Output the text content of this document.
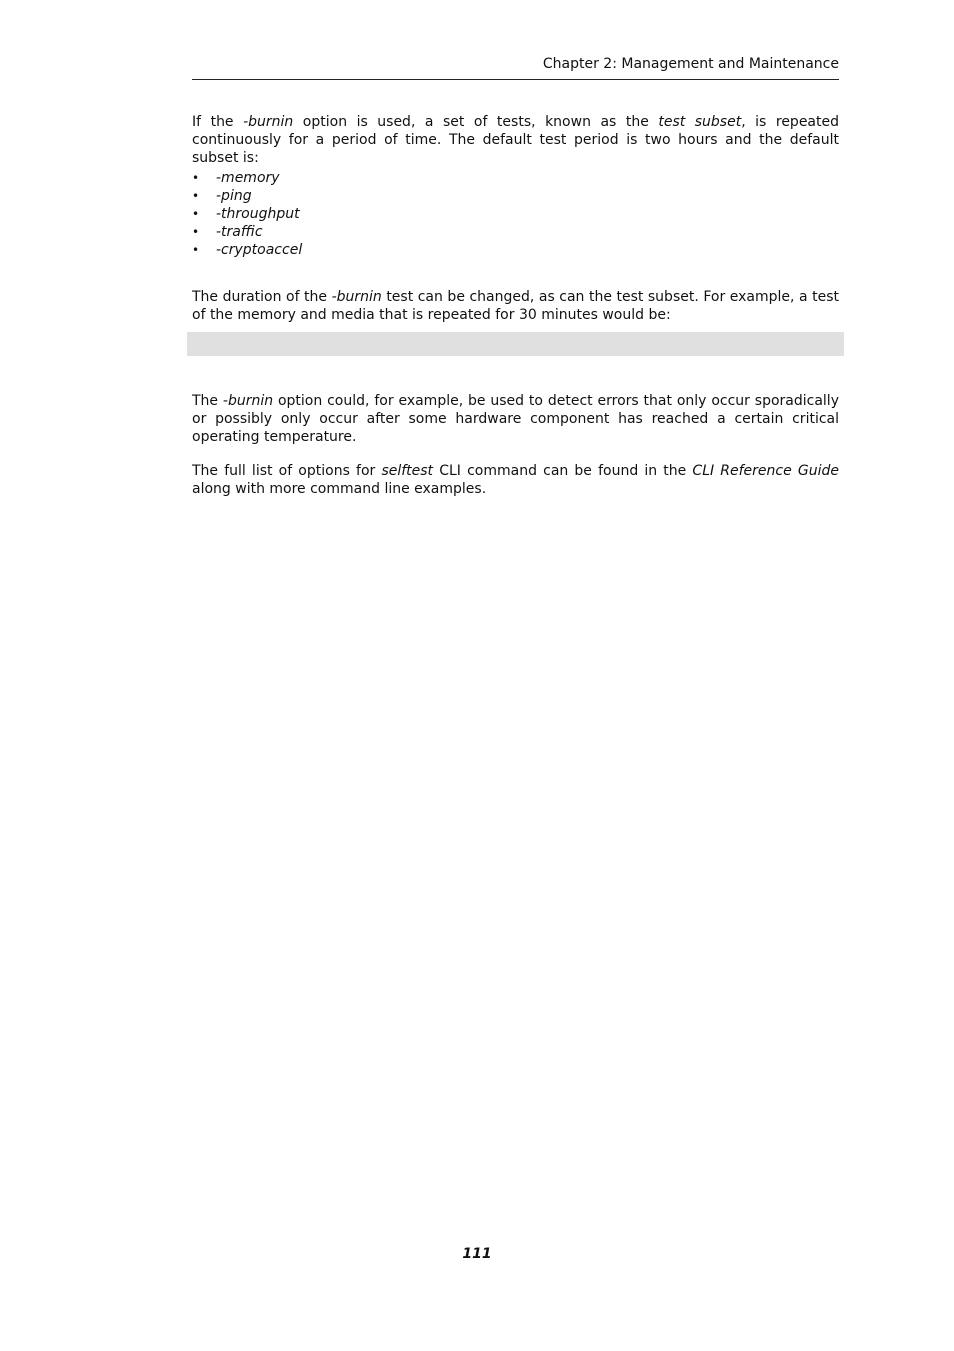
Chapter 2: Management and Maintenance

If the -burnin option is used, a set of tests, known as the test subset, is repeated continuously for a period of time. The default test period is two hours and the default subset is:

• -memory
• -ping
• -throughput
• -traffic
• -cryptoaccel

The duration of the -burnin test can be changed, as can the test subset. For example, a test of the memory and media that is repeated for 30 minutes would be:

The -burnin option could, for example, be used to detect errors that only occur sporadically or possibly only occur after some hardware component has reached a certain critical operating temperature.

The full list of options for selftest CLI command can be found in the CLI Reference Guide along with more command line examples.

111
